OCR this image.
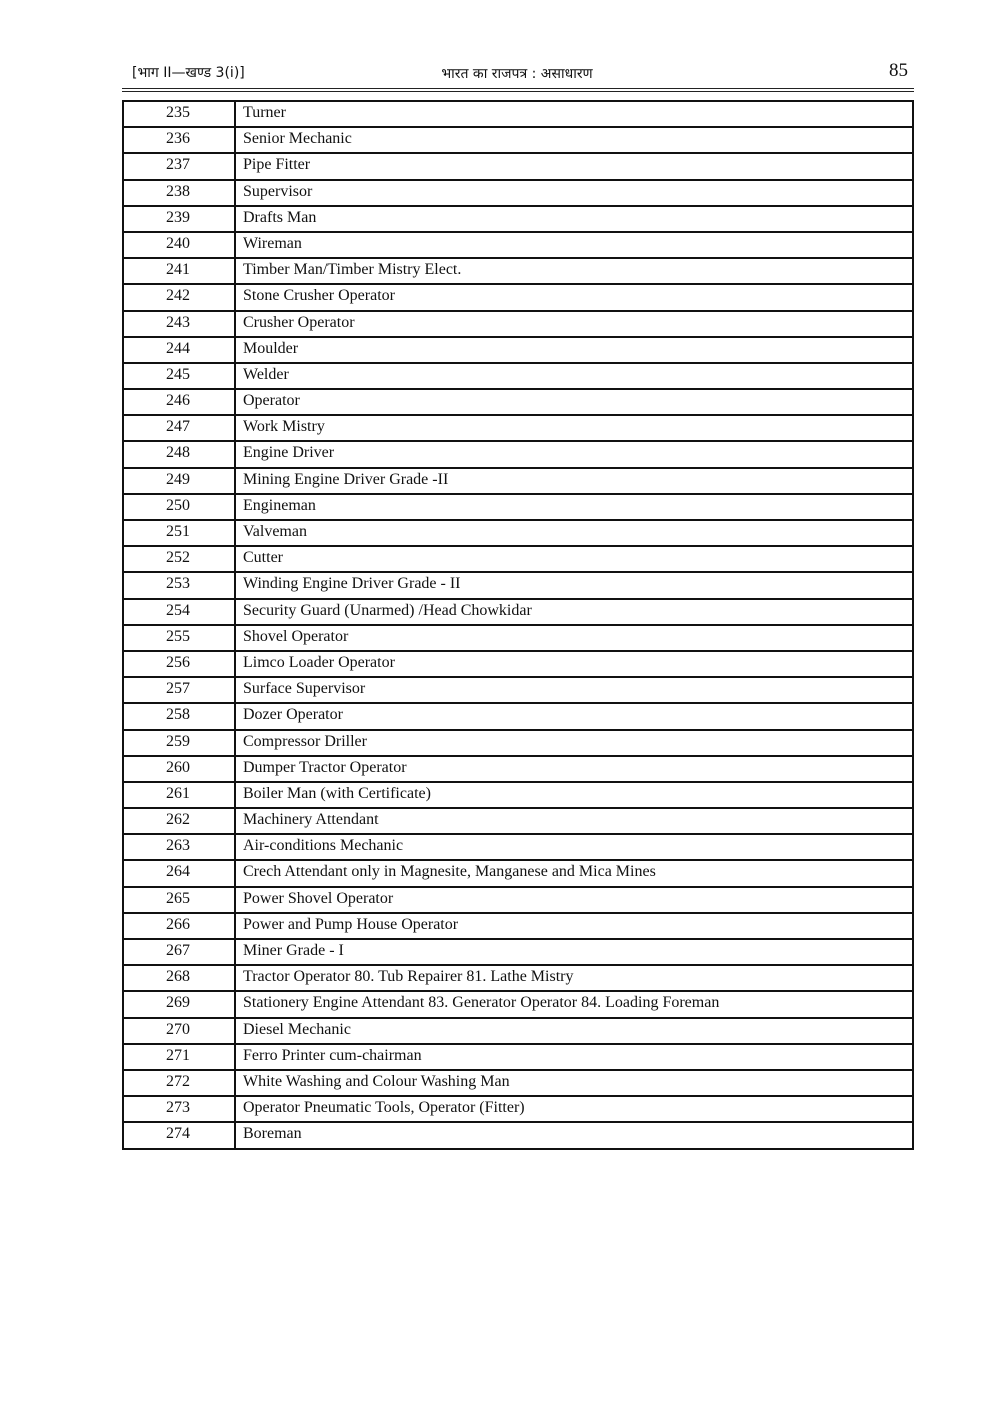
[भाग II—खण्ड 3(i)]	भारत का राजपत्र : असाधारण	85
235	Turner
236	Senior Mechanic
237	Pipe Fitter
238	Supervisor
239	Drafts Man
240	Wireman
241	Timber Man/Timber Mistry Elect.
242	Stone Crusher Operator
243	Crusher Operator
244	Moulder
245	Welder
246	Operator
247	Work Mistry
248	Engine Driver
249	Mining Engine Driver Grade -II
250	Engineman
251	Valveman
252	Cutter
253	Winding Engine Driver Grade - II
254	Security Guard (Unarmed) /Head Chowkidar
255	Shovel Operator
256	Limco Loader Operator
257	Surface Supervisor
258	Dozer Operator
259	Compressor Driller
260	Dumper Tractor Operator
261	Boiler Man (with Certificate)
262	Machinery Attendant
263	Air-conditions Mechanic
264	Crech Attendant only in Magnesite, Manganese and Mica Mines
265	Power Shovel Operator
266	Power and Pump House Operator
267	Miner Grade - I
268	Tractor Operator 80. Tub Repairer 81. Lathe Mistry
269	Stationery Engine Attendant 83. Generator Operator 84. Loading Foreman
270	Diesel Mechanic
271	Ferro Printer cum-chairman
272	White Washing and Colour Washing Man
273	Operator Pneumatic Tools, Operator (Fitter)
274	Boreman
